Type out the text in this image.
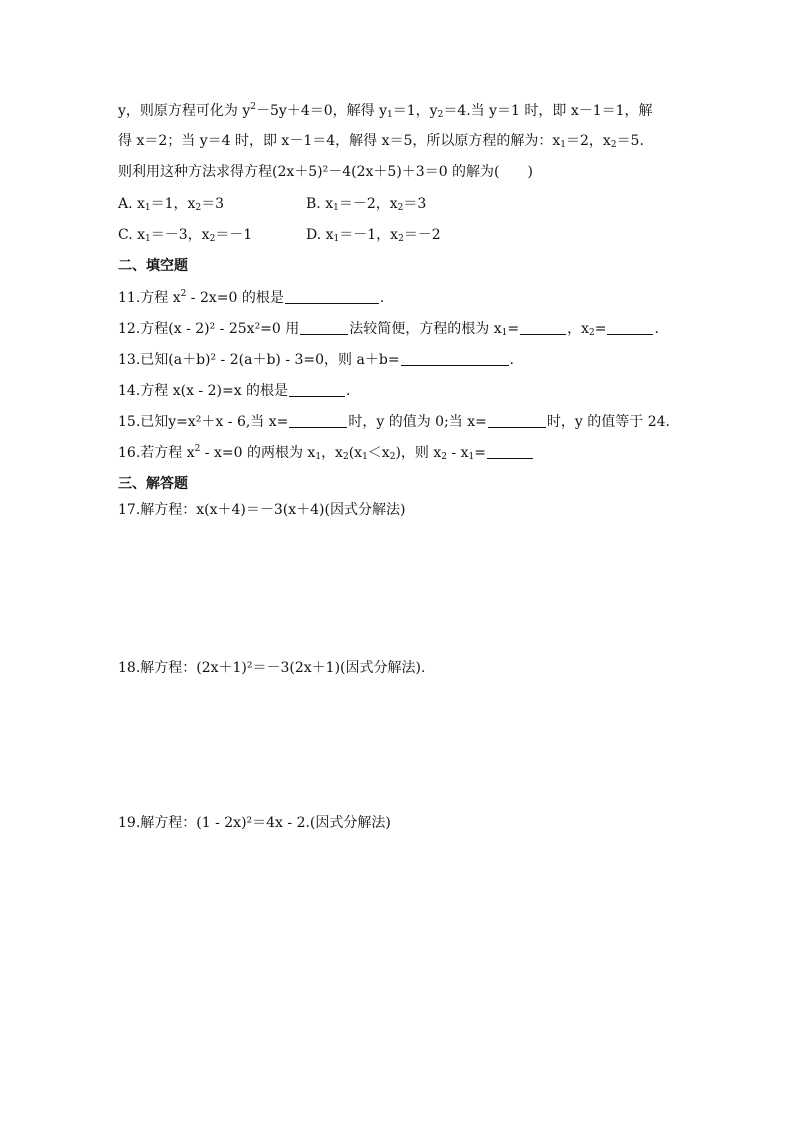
y，则原方程可化为 $y^2-5y+4=0$，解得 $y_1=1$，$y_2=4$.当 y＝1 时，即 x－1＝1，解
得 x＝2；当 y＝4 时，即 x－1＝4，解得 x＝5，所以原方程的解为：$x_1=2$，$x_2=5$.
则利用这种方法求得方程(2x＋5)²－4(2x＋5)＋3＝0 的解为(　　)
A. $x_1=1$，$x_2=3$	B. $x_1=-2$，$x_2=3$
C. $x_1=-3$，$x_2=-1$	D. $x_1=-1$，$x_2=-2$
二、填空题
11.方程 $x^2 - 2x=0$ 的根是	.
12.方程(x - 2)² - 25x²=0 用	法较简便，方程的根为 $x_1=$	，$x_2=$	.
13.已知(a＋b)² - 2(a＋b) - 3=0，则 a＋b=	.
14.方程 x(x - 2)=x 的根是	.
15.已知y=x²＋x - 6,当 x=	时，y 的值为 0;当 x=	时，y 的值等于 24.
16.若方程 $x^2 - x=0$ 的两根为 $x_1$，$x_2(x_1<x_2)$，则 $x_2 - x_1=$
三、解答题
17.解方程：x(x＋4)＝－3(x＋4)(因式分解法)
18.解方程：(2x＋1)²＝－3(2x＋1)(因式分解法).
19.解方程：(1 - 2x)²＝4x - 2.(因式分解法)
